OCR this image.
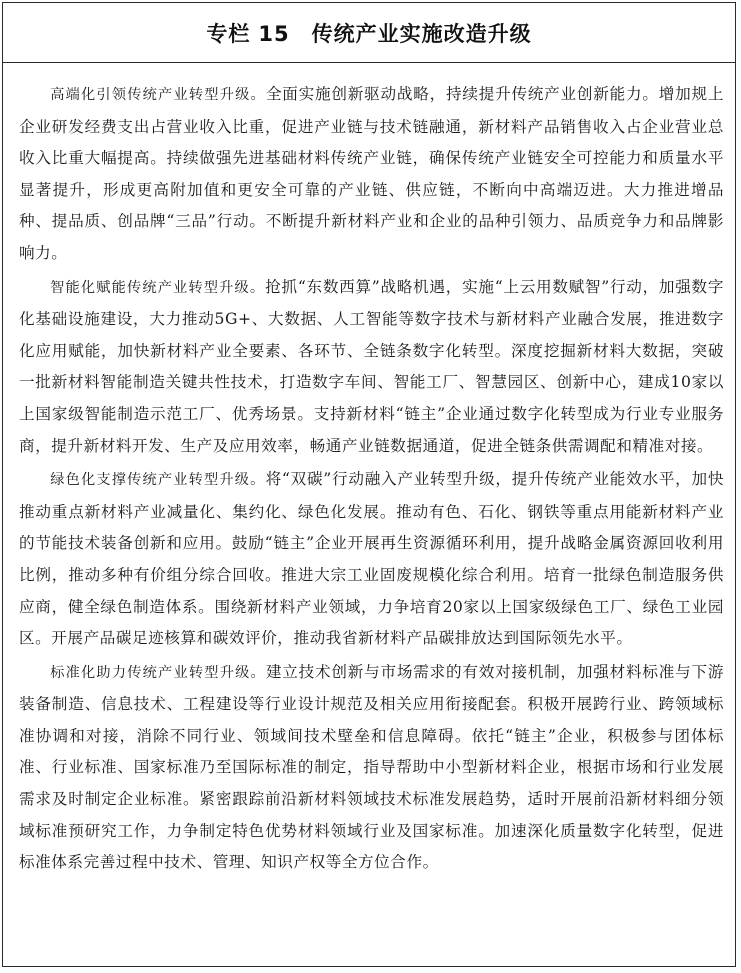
专栏 15 传统产业实施改造升级

高端化引领传统产业转型升级。全面实施创新驱动战略，持续提升传统产业创新能力。增加规上企业研发经费支出占营业收入比重，促进产业链与技术链融通，新材料产品销售收入占企业营业总收入比重大幅提高。持续做强先进基础材料传统产业链，确保传统产业链安全可控能力和质量水平显著提升，形成更高附加值和更安全可靠的产业链、供应链，不断向中高端迈进。大力推进增品种、提品质、创品牌“三品”行动。不断提升新材料产业和企业的品种引领力、品质竞争力和品牌影响力。

智能化赋能传统产业转型升级。抢抓“东数西算”战略机遇，实施“上云用数赋智”行动，加强数字化基础设施建设，大力推动5G+、大数据、人工智能等数字技术与新材料产业融合发展，推进数字化应用赋能，加快新材料产业全要素、各环节、全链条数字化转型。深度挖掘新材料大数据，突破一批新材料智能制造关键共性技术，打造数字车间、智能工厂、智慧园区、创新中心，建成10家以上国家级智能制造示范工厂、优秀场景。支持新材料“链主”企业通过数字化转型成为行业专业服务商，提升新材料开发、生产及应用效率，畅通产业链数据通道，促进全链条供需调配和精准对接。

绿色化支撑传统产业转型升级。将“双碳”行动融入产业转型升级，提升传统产业能效水平，加快推动重点新材料产业减量化、集约化、绿色化发展。推动有色、石化、钢铁等重点用能新材料产业的节能技术装备创新和应用。鼓励“链主”企业开展再生资源循环利用，提升战略金属资源回收利用比例，推动多种有价组分综合回收。推进大宗工业固废规模化综合利用。培育一批绿色制造服务供应商，健全绿色制造体系。围绕新材料产业领域，力争培育20家以上国家级绿色工厂、绿色工业园区。开展产品碳足迹核算和碳效评价，推动我省新材料产品碳排放达到国际领先水平。

标准化助力传统产业转型升级。建立技术创新与市场需求的有效对接机制，加强材料标准与下游装备制造、信息技术、工程建设等行业设计规范及相关应用衔接配套。积极开展跨行业、跨领域标准协调和对接，消除不同行业、领域间技术壁垒和信息障碍。依托“链主”企业，积极参与团体标准、行业标准、国家标准乃至国际标准的制定，指导帮助中小型新材料企业，根据市场和行业发展需求及时制定企业标准。紧密跟踪前沿新材料领域技术标准发展趋势，适时开展前沿新材料细分领域标准预研究工作，力争制定特色优势材料领域行业及国家标准。加速深化质量数字化转型，促进标准体系完善过程中技术、管理、知识产权等全方位合作。
